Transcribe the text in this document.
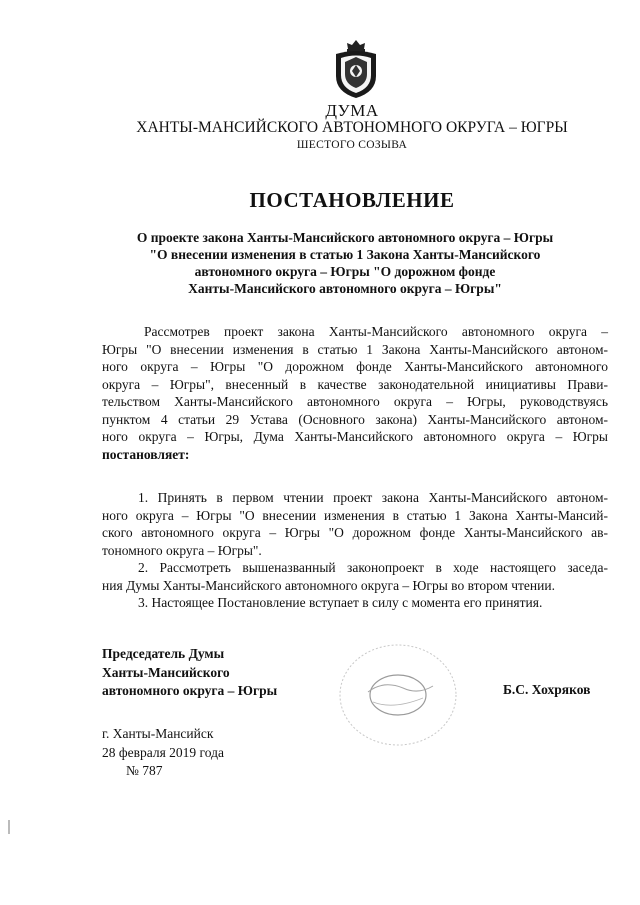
ДУМА
ХАНТЫ-МАНСИЙСКОГО АВТОНОМНОГО ОКРУГА – ЮГРЫ
ШЕСТОГО СОЗЫВА
ПОСТАНОВЛЕНИЕ
О проекте закона Ханты-Мансийского автономного округа – Югры
"О внесении изменения в статью 1 Закона Ханты-Мансийского
автономного округа – Югры "О дорожном фонде
Ханты-Мансийского автономного округа – Югры"
Рассмотрев проект закона Ханты-Мансийского автономного округа –
Югры "О внесении изменения в статью 1 Закона Ханты-Мансийского автоном-
ного округа – Югры "О дорожном фонде Ханты-Мансийского автономного
округа – Югры", внесенный в качестве законодательной инициативы Прави-
тельством Ханты-Мансийского автономного округа – Югры, руководствуясь
пунктом 4 статьи 29 Устава (Основного закона) Ханты-Мансийского автоном-
ного округа – Югры, Дума Ханты-Мансийского автономного округа – Югры
постановляет:
1. Принять в первом чтении проект закона Ханты-Мансийского автоном-
ного округа – Югры "О внесении изменения в статью 1 Закона Ханты-Мансий-
ского автономного округа – Югры "О дорожном фонде Ханты-Мансийского ав-
тономного округа – Югры".
2. Рассмотреть вышеназванный законопроект в ходе настоящего заседа-
ния Думы Ханты-Мансийского автономного округа – Югры во втором чтении.
3. Настоящее Постановление вступает в силу с момента его принятия.
Председатель Думы
Ханты-Мансийского
автономного округа – Югры	Б.С. Хохряков
г. Ханты-Мансийск
28 февраля 2019 года
№ 787
